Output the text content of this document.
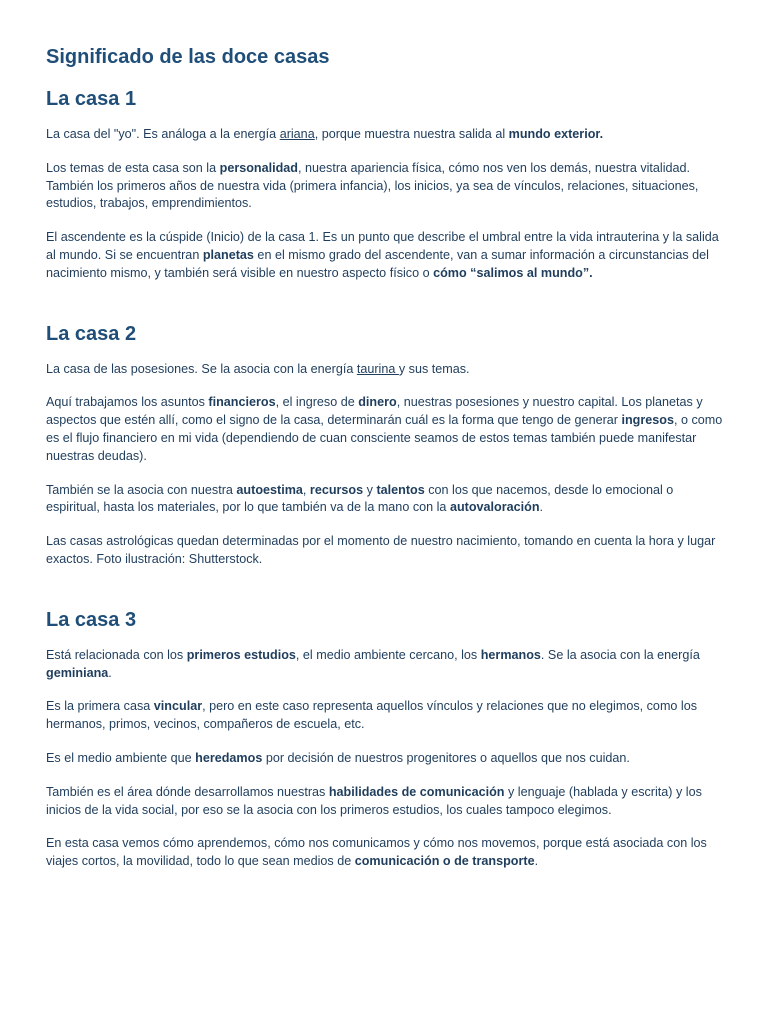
Significado de las doce casas
La casa 1

La casa del "yo". Es análoga a la energía ariana, porque muestra nuestra salida al mundo exterior.

Los temas de esta casa son la personalidad, nuestra apariencia física, cómo nos ven los demás, nuestra vitalidad. También los primeros años de nuestra vida (primera infancia), los inicios, ya sea de vínculos, relaciones, situaciones, estudios, trabajos, emprendimientos.

El ascendente es la cúspide (Inicio) de la casa 1. Es un punto que describe el umbral entre la vida intrauterina y la salida al mundo. Si se encuentran planetas en el mismo grado del ascendente, van a sumar información a circunstancias del nacimiento mismo, y también será visible en nuestro aspecto físico o cómo “salimos al mundo”.

La casa 2

La casa de las posesiones. Se la asocia con la energía taurina y sus temas.

Aquí trabajamos los asuntos financieros, el ingreso de dinero, nuestras posesiones y nuestro capital. Los planetas y aspectos que estén allí, como el signo de la casa, determinarán cuál es la forma que tengo de generar ingresos, o como es el flujo financiero en mi vida (dependiendo de cuan consciente seamos de estos temas también puede manifestar nuestras deudas).

También se la asocia con nuestra autoestima, recursos y talentos con los que nacemos, desde lo emocional o espiritual, hasta los materiales, por lo que también va de la mano con la autovaloración.

Las casas astrológicas quedan determinadas por el momento de nuestro nacimiento, tomando en cuenta la hora y lugar exactos. Foto ilustración: Shutterstock.

La casa 3

Está relacionada con los primeros estudios, el medio ambiente cercano, los hermanos. Se la asocia con la energía geminiana.

Es la primera casa vincular, pero en este caso representa aquellos vínculos y relaciones que no elegimos, como los hermanos, primos, vecinos, compañeros de escuela, etc.

Es el medio ambiente que heredamos por decisión de nuestros progenitores o aquellos que nos cuidan.

También es el área dónde desarrollamos nuestras habilidades de comunicación y lenguaje (hablada y escrita) y los inicios de la vida social, por eso se la asocia con los primeros estudios, los cuales tampoco elegimos.

En esta casa vemos cómo aprendemos, cómo nos comunicamos y cómo nos movemos, porque está asociada con los viajes cortos, la movilidad, todo lo que sean medios de comunicación o de transporte.
